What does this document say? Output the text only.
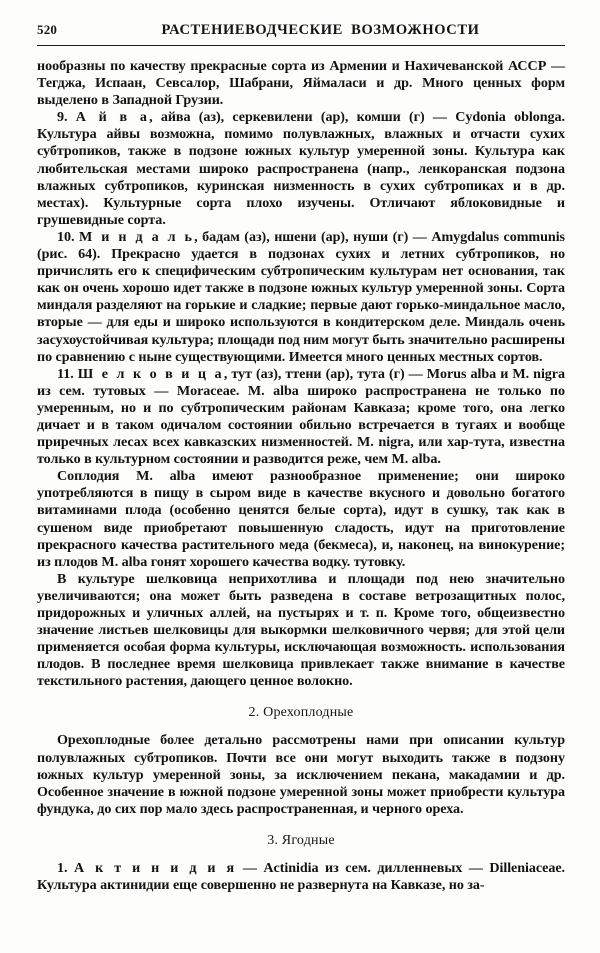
520	РАСТЕНИЕВОДЧЕСКИЕ ВОЗМОЖНОСТИ

нообразны по качеству прекрасные сорта из Армении и Нахичеванской АССР — Тегджа, Испаан, Севсалор, Шабрани, Яймаласи и др. Много ценных форм выделено в Западной Грузии.

9. А й в а, айва (аз), серкевилени (ар), комши (г) — Cydonia oblonga. Культура айвы возможна, помимо полувлажных, влажных и отчасти сухих субтропиков, также в подзоне южных культур умеренной зоны. Культура как любительская местами широко распространена (напр., ленкоранская подзона влажных субтропиков, куринская низменность в сухих субтропиках и в др. местах). Культурные сорта плохо изучены. Отличают яблоковидные и грушевидные сорта.

10. М и н д а л ь, бадам (аз), ншени (ар), нуши (г) — Amygdalus communis (рис. 64). Прекрасно удается в подзонах сухих и летних субтропиков, но причислять его к специфическим субтропическим культурам нет основания, так как он очень хорошо идет также в подзоне южных культур умеренной зоны. Сорта миндаля разделяют на горькие и сладкие; первые дают горько-миндальное масло, вторые — для еды и широко используются в кондитерском деле. Миндаль очень засухоустойчивая культура; площади под ним могут быть значительно расширены по сравнению с ныне существующими. Имеется много ценных местных сортов.

11. Ш е л к о в и ц а, тут (аз), ттени (ар), тута (г) — Morus alba и M. nigra из сем. тутовых — Moraceae. M. alba широко распространена не только по умеренным, но и по субтропическим районам Кавказа; кроме того, она легко дичает и в таком одичалом состоянии обильно встречается в тугаях и вообще приречных лесах всех кавказских низменностей. M. nigra, или хар-тута, известна только в культурном состоянии и разводится реже, чем M. alba.

Соплодия M. alba имеют разнообразное применение; они широко употребляются в пищу в сыром виде в качестве вкусного и довольно богатого витаминами плода (особенно ценятся белые сорта), идут в сушку, так как в сушеном виде приобретают повышенную сладость, идут на приготовление прекрасного качества растительного меда (бекмеса), и, наконец, на винокурение; из плодов M. alba гонят хорошего качества водку. тутовку.

В культуре шелковица неприхотлива и площади под нею значительно увеличиваются; она может быть разведена в составе ветрозащитных полос, придорожных и уличных аллей, на пустырях и т. п. Кроме того, общеизвестно значение листьев шелковицы для выкормки шелковичного червя; для этой цели применяется особая форма культуры, исключающая возможность. использования плодов. В последнее время шелковица привлекает также внимание в качестве текстильного растения, дающего ценное волокно.

2. Орехоплодные

Орехоплодные более детально рассмотрены нами при описании культур полувлажных субтропиков. Почти все они могут выходить также в подзону южных культур умеренной зоны, за исключением пекана, макадамии и др. Особенное значение в южной подзоне умеренной зоны может приобрести культура фундука, до сих пор мало здесь распространенная, и черного ореха.

3. Ягодные

1. А к т и н и д и я — Actinidia из сем. дилленневых — Dilleniaceae. Культура актинидии еще совершенно не развернута на Кавказе, но за-
